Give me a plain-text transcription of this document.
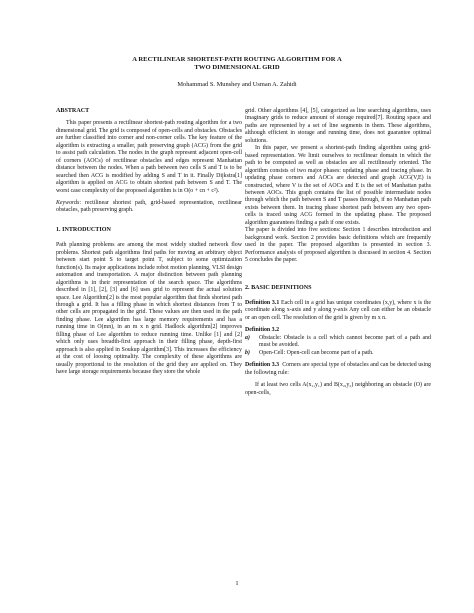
A RECTILINEAR SHORTEST-PATH ROUTING ALGORITHM FOR A
TWO DIMENSIONAL GRID
Mohammad S. Munshey and Usman A. Zahidi

ABSTRACT

This paper presents a rectilinear shortest-path routing algorithm for a two dimensional grid. The grid is composed of open-cells and obstacles. Obstacles are further classified into corner and non-corner cells. The key feature of the algorithm is extracting a smaller, path preserving graph (ACG) from the grid to assist path calculation. The nodes in the graph represent adjacent open-cell of corners (AOCs) of rectilinear obstacles and edges represent Manhattan distance between the nodes. When a path between two cells S and T is to be searched then ACG is modified by adding S and T in it. Finally Dijkstra[1] algorithm is applied on ACG to obtain shortest path between S and T. The worst case complexity of the proposed algorithm is in O(o + cn + c²).

Keywords: rectilinear shortest path, grid-based representation, rectilinear obstacles, path preserving graph.

1. INTRODUCTION

Path planning problems are among the most widely studied network flow problems. Shortest path algorithms find paths for moving an arbitrary object between start point S to target point T, subject to some optimization function(s). Its major applications include robot motion planning, VLSI design automation and transportation. A major distinction between path planning algorithms is in their representation of the search space. The algorithms described in [1], [2], [3] and [6] uses grid to represent the actual solution space. Lee Algorithm[2] is the most popular algorithm that finds shortest path through a grid. It has a filling phase in which shortest distances from T to other cells are propagated in the grid. These values are then used in the path finding phase. Lee algorithm has large memory requirements and has a running time in O(mn), in an m x n grid. Hadlock algorithm[2] improves filling phase of Lee algorithm to reduce running time. Unlike [1] and [2] which only uses breadth-first approach in their filling phase, depth-first approach is also applied in Soukup algorithm[3]. This increases the efficiency at the cost of loosing optimality. The complexity of these algorithms are usually proportional to the resolution of the grid they are applied on. They have large storage requirements because they store the whole

grid. Other algorithms [4], [5], categorized as line searching algorithms, uses imaginary grids to reduce amount of storage required[7]. Routing space and paths are represented by a set of line segments in them. These algorithms, although efficient in storage and running time, does not guarantee optimal solutions.

In this paper, we present a shortest-path finding algorithm using grid-based representation. We limit ourselves to rectilinear domain in which the path to be computed as well as obstacles are all rectilinearly oriented. The algorithm consists of two major phases: updating phase and tracing phase. In updating phase corners and AOCs are detected and graph ACG(V,E) is constructed, where V is the set of AOCs and E is the set of Manhattan paths between AOCs. This graph contains the list of possible intermediate nodes through which the path between S and T passes through, if no Manhattan path exists between them. In tracing phase shortest path between any two open-cells is traced using ACG formed in the updating phase. The proposed algorithm guarantees finding a path if one exists.

The paper is divided into five sections: Section 1 describes introduction and background work. Section 2 provides basic definitions which are frequently used in the paper. The proposed algorithm is presented in section 3. Performance analysis of proposed algorithm is discussed in section 4. Section 5 concludes the paper.

2. BASIC DEFINITIONS

Definition 3.1 Each cell in a grid has unique coordinates (x,y), where x is the coordinate along x-axis and y along y-axis Any cell can either be an obstacle or an open cell. The resolution of the grid is given by m x n.

Definition 3.2

a)	Obstacle: Obstacle is a cell which cannot become part of a path and must be avoided.
b)	Open-Cell: Open-cell can become part of a path.

Definition 3.3 Corners are special type of obstacles and can be detected using the following rule:

If at least two cells A(x₁,y₁) and B(x₂,y₂) neighboring an obstacle (O) are open-cells,

1
